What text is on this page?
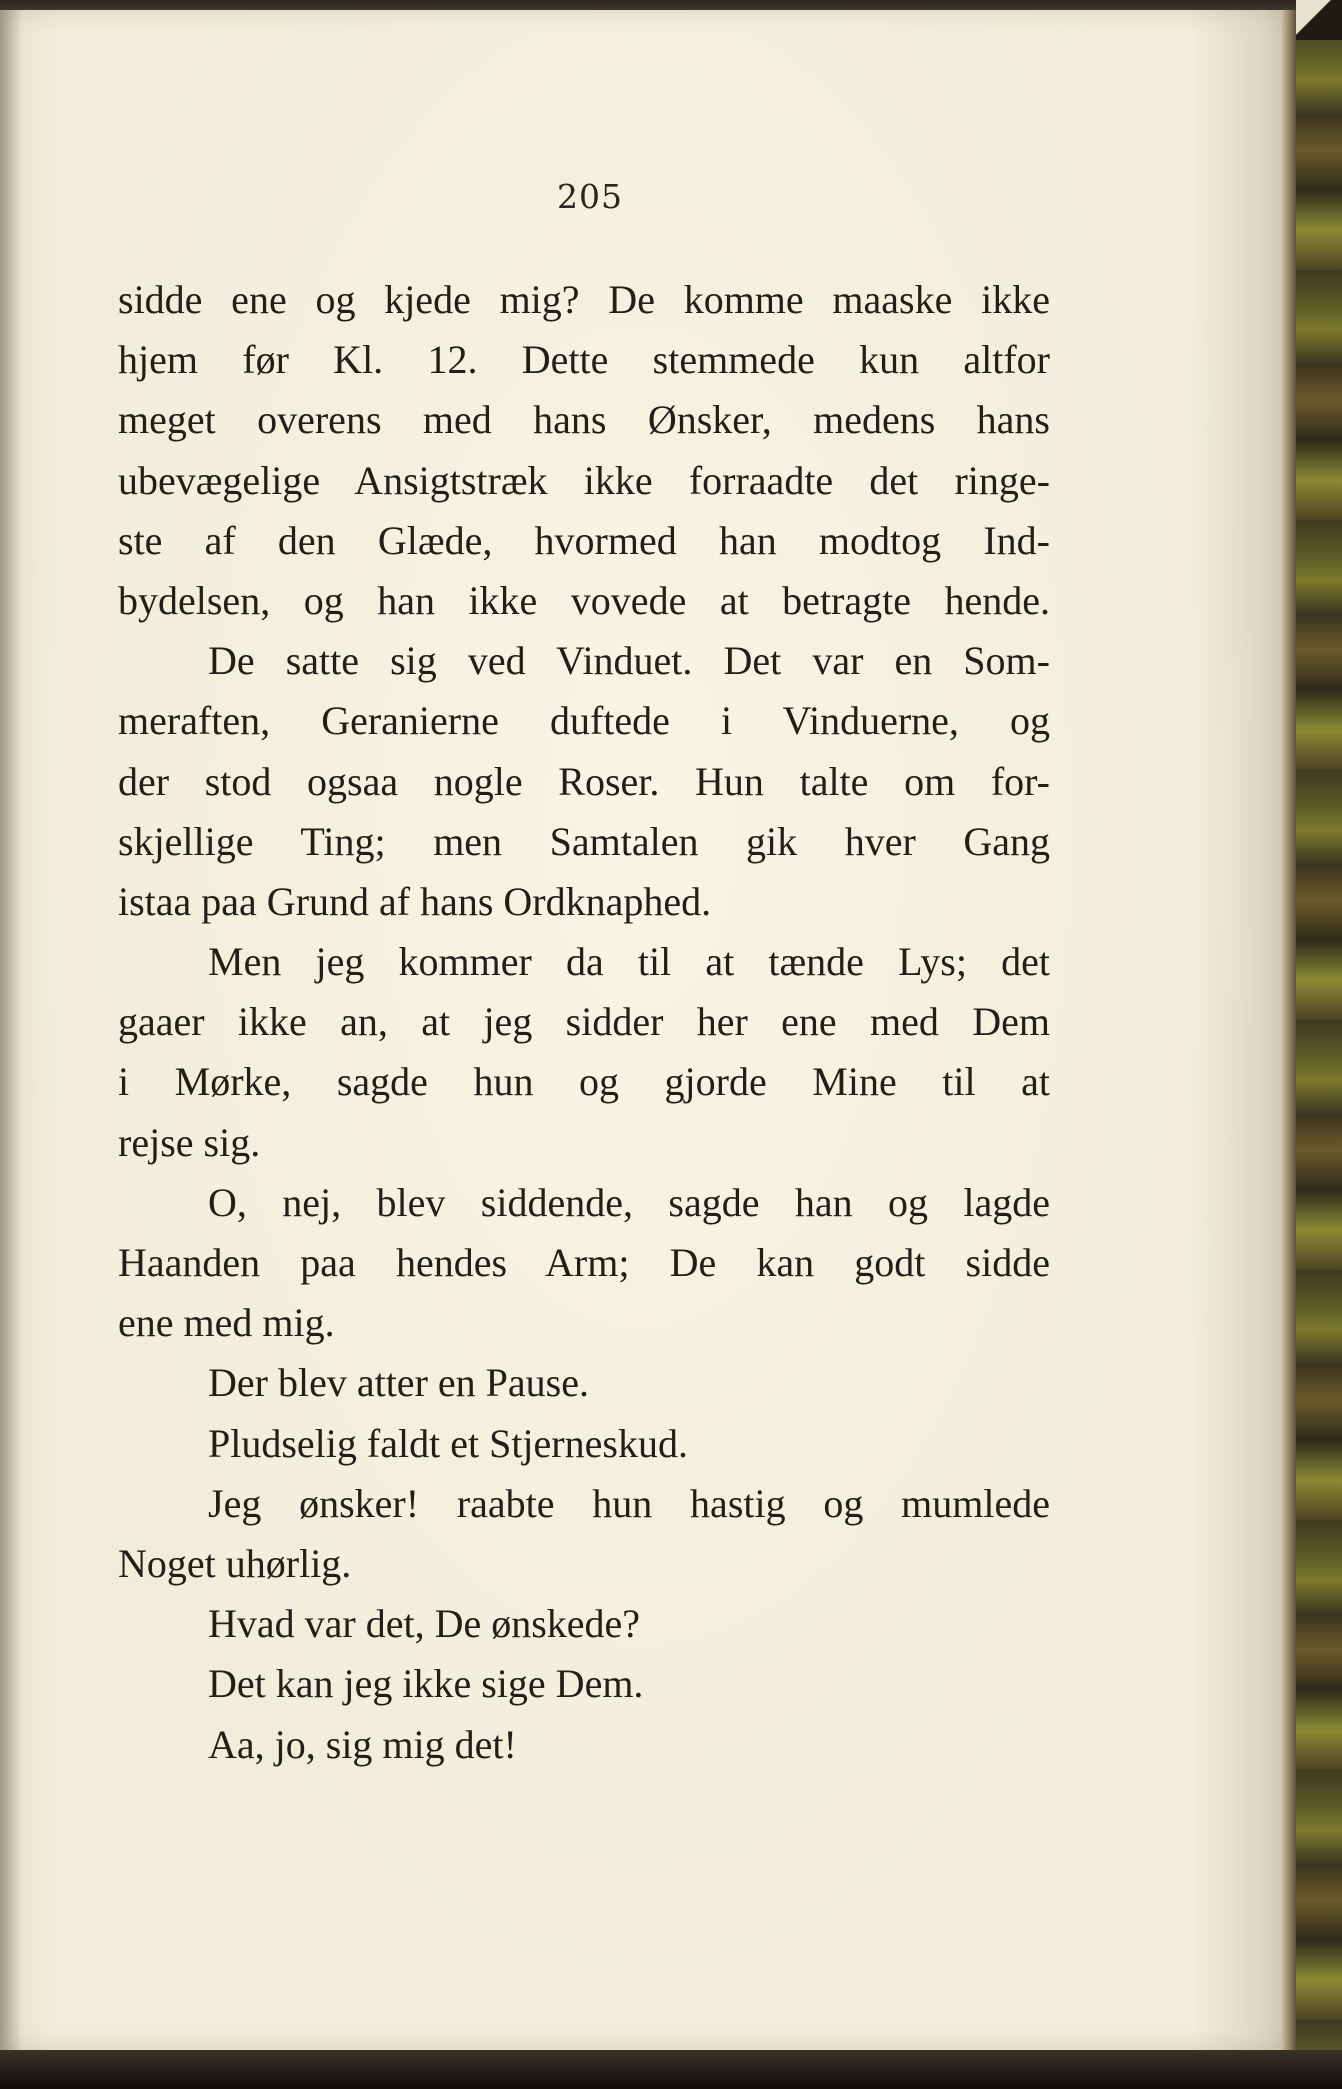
205
sidde ene og kjede mig? De komme maaske ikke
hjem før Kl. 12. Dette stemmede kun altfor
meget overens med hans Ønsker, medens hans
ubevægelige Ansigtstræk ikke forraadte det ringe-
ste af den Glæde, hvormed han modtog Ind-
bydelsen, og han ikke vovede at betragte hende.
De satte sig ved Vinduet. Det var en Som-
meraften, Geranierne duftede i Vinduerne, og
der stod ogsaa nogle Roser. Hun talte om for-
skjellige Ting; men Samtalen gik hver Gang
istaa paa Grund af hans Ordknaphed.
Men jeg kommer da til at tænde Lys; det
gaaer ikke an, at jeg sidder her ene med Dem
i Mørke, sagde hun og gjorde Mine til at
rejse sig.
O, nej, blev siddende, sagde han og lagde
Haanden paa hendes Arm; De kan godt sidde
ene med mig.
Der blev atter en Pause.
Pludselig faldt et Stjerneskud.
Jeg ønsker! raabte hun hastig og mumlede
Noget uhørlig.
Hvad var det, De ønskede?
Det kan jeg ikke sige Dem.
Aa, jo, sig mig det!
